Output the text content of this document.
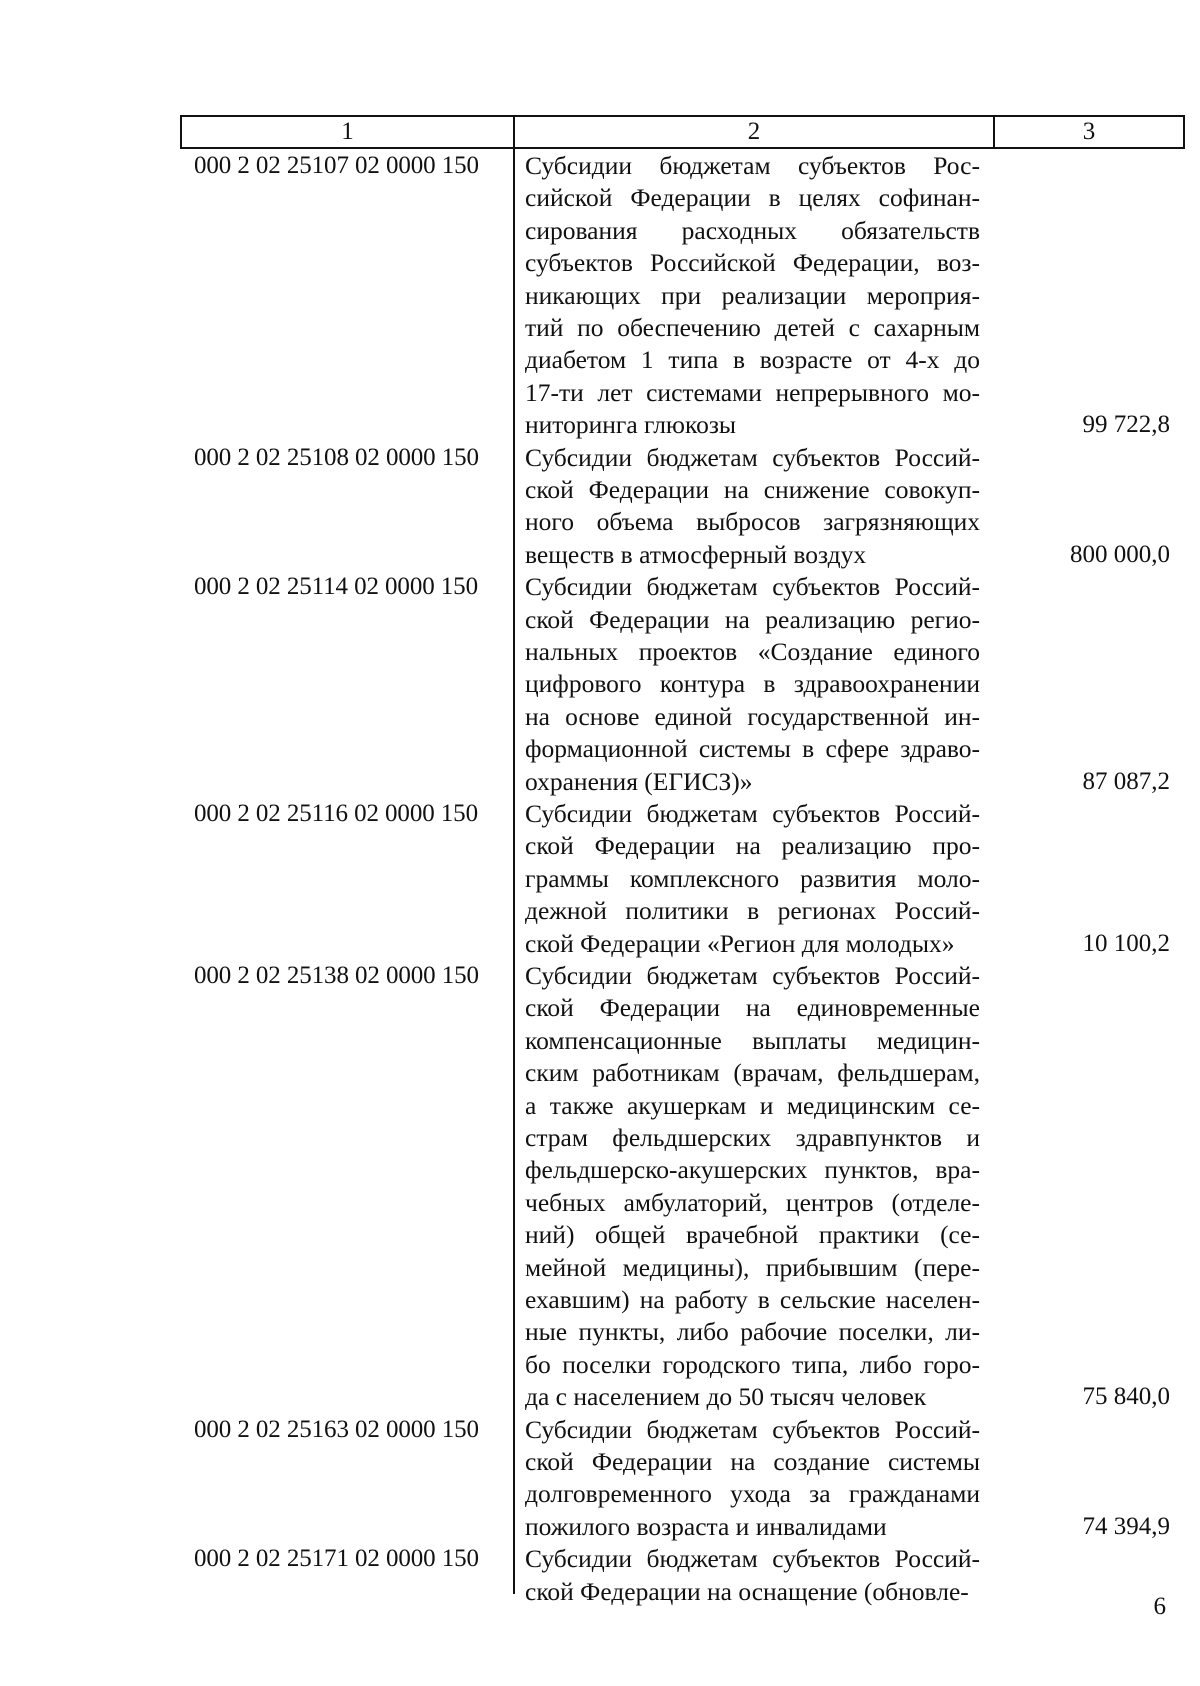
1	2	3
000 2 02 25107 02 0000 150 Субсидии бюджетам субъектов Рос-
сийской Федерации в целях софинан-
сирования расходных обязательств
субъектов Российской Федерации, воз-
никающих при реализации мероприя-
тий по обеспечению детей с сахарным
диабетом 1 типа в возрасте от 4-х до
17-ти лет системами непрерывного мо-
ниторинга глюкозы	99 722,8
000 2 02 25108 02 0000 150 Субсидии бюджетам субъектов Россий-
ской Федерации на снижение совокуп-
ного объема выбросов загрязняющих
веществ в атмосферный воздух	800 000,0
000 2 02 25114 02 0000 150 Субсидии бюджетам субъектов Россий-
ской Федерации на реализацию регио-
нальных проектов «Создание единого
цифрового контура в здравоохранении
на основе единой государственной ин-
формационной системы в сфере здраво-
охранения (ЕГИСЗ)»	87 087,2
000 2 02 25116 02 0000 150 Субсидии бюджетам субъектов Россий-
ской Федерации на реализацию про-
граммы комплексного развития моло-
дежной политики в регионах Россий-
ской Федерации «Регион для молодых»	10 100,2
000 2 02 25138 02 0000 150 Субсидии бюджетам субъектов Россий-
ской Федерации на единовременные
компенсационные выплаты медицин-
ским работникам (врачам, фельдшерам,
а также акушеркам и медицинским се-
страм фельдшерских здравпунктов и
фельдшерско-акушерских пунктов, вра-
чебных амбулаторий, центров (отделе-
ний) общей врачебной практики (се-
мейной медицины), прибывшим (пере-
ехавшим) на работу в сельские населен-
ные пункты, либо рабочие поселки, ли-
бо поселки городского типа, либо горо-
да с населением до 50 тысяч человек	75 840,0
000 2 02 25163 02 0000 150 Субсидии бюджетам субъектов Россий-
ской Федерации на создание системы
долговременного ухода за гражданами
пожилого возраста и инвалидами	74 394,9
000 2 02 25171 02 0000 150 Субсидии бюджетам субъектов Россий-
ской Федерации на оснащение (обновле-
6
